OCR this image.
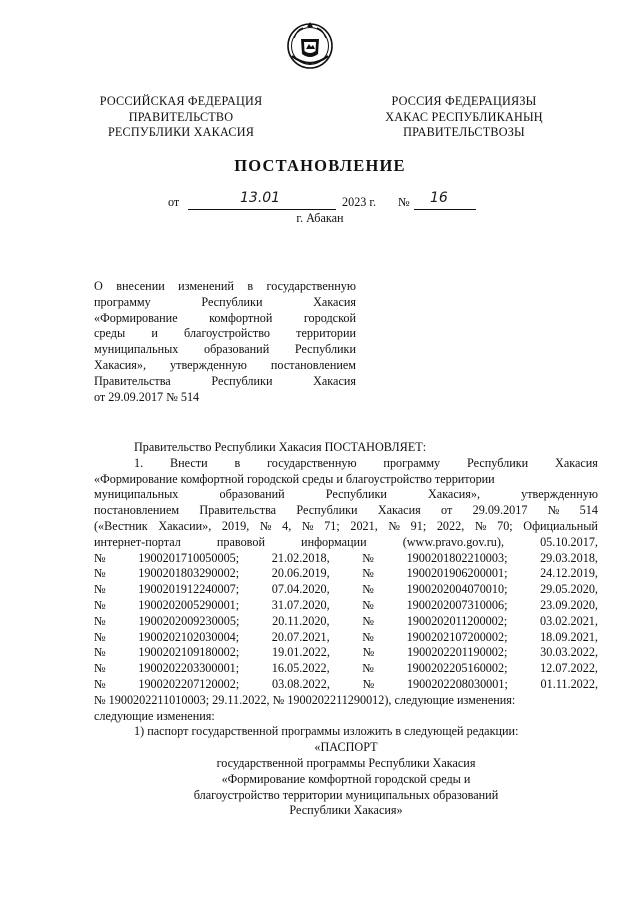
РОССИЙСКАЯ ФЕДЕРАЦИЯ
ПРАВИТЕЛЬСТВО
РЕСПУБЛИКИ ХАКАСИЯ
РОССИЯ ФЕДЕРАЦИЯЗЫ
ХАКАС РЕСПУБЛИКАНЫҢ
ПРАВИТЕЛЬСТВОЗЫ
ПОСТАНОВЛЕНИЕ
от	13.01	2023 г. № 16
г. Абакан
О внесении изменений в государственную
программу Республики Хакасия
«Формирование комфортной городской
среды и благоустройство территории
муниципальных образований Республики
Хакасия», утвержденную постановлением
Правительства Республики Хакасия
от 29.09.2017 № 514
Правительство Республики Хакасия ПОСТАНОВЛЯЕТ:
1. Внести в государственную программу Республики Хакасия
«Формирование комфортной городской среды и благоустройство территории
муниципальных	образований	Республики	Хакасия»,	утвержденную
постановлением Правительства Республики Хакасия от 29.09.2017 № 514
(«Вестник Хакасии», 2019, № 4, № 71; 2021, № 91; 2022, № 70; Официальный
интернет-портал	правовой	информации	(www.pravo.gov.ru),	05.10.2017,
№	1900201710050005;	21.02.2018,	№	1900201802210003;	29.03.2018,
№	1900201803290002;	20.06.2019,	№	1900201906200001;	24.12.2019,
№	1900201912240007;	07.04.2020,	№	1900202004070010;	29.05.2020,
№	1900202005290001;	31.07.2020,	№	1900202007310006;	23.09.2020,
№	1900202009230005;	20.11.2020,	№	1900202011200002;	03.02.2021,
№	1900202102030004;	20.07.2021,	№	1900202107200002;	18.09.2021,
№	1900202109180002;	19.01.2022,	№	1900202201190002;	30.03.2022,
№	1900202203300001;	16.05.2022,	№	1900202205160002;	12.07.2022,
№	1900202207120002;	03.08.2022,	№	1900202208030001;	01.11.2022,
№ 1900202211010003; 29.11.2022, № 1900202211290012), следующие изменения:
следующие изменения:
1) паспорт государственной программы изложить в следующей редакции:
«ПАСПОРТ
государственной программы Республики Хакасия
«Формирование комфортной городской среды и
благоустройство территории муниципальных образований
Республики Хакасия»
